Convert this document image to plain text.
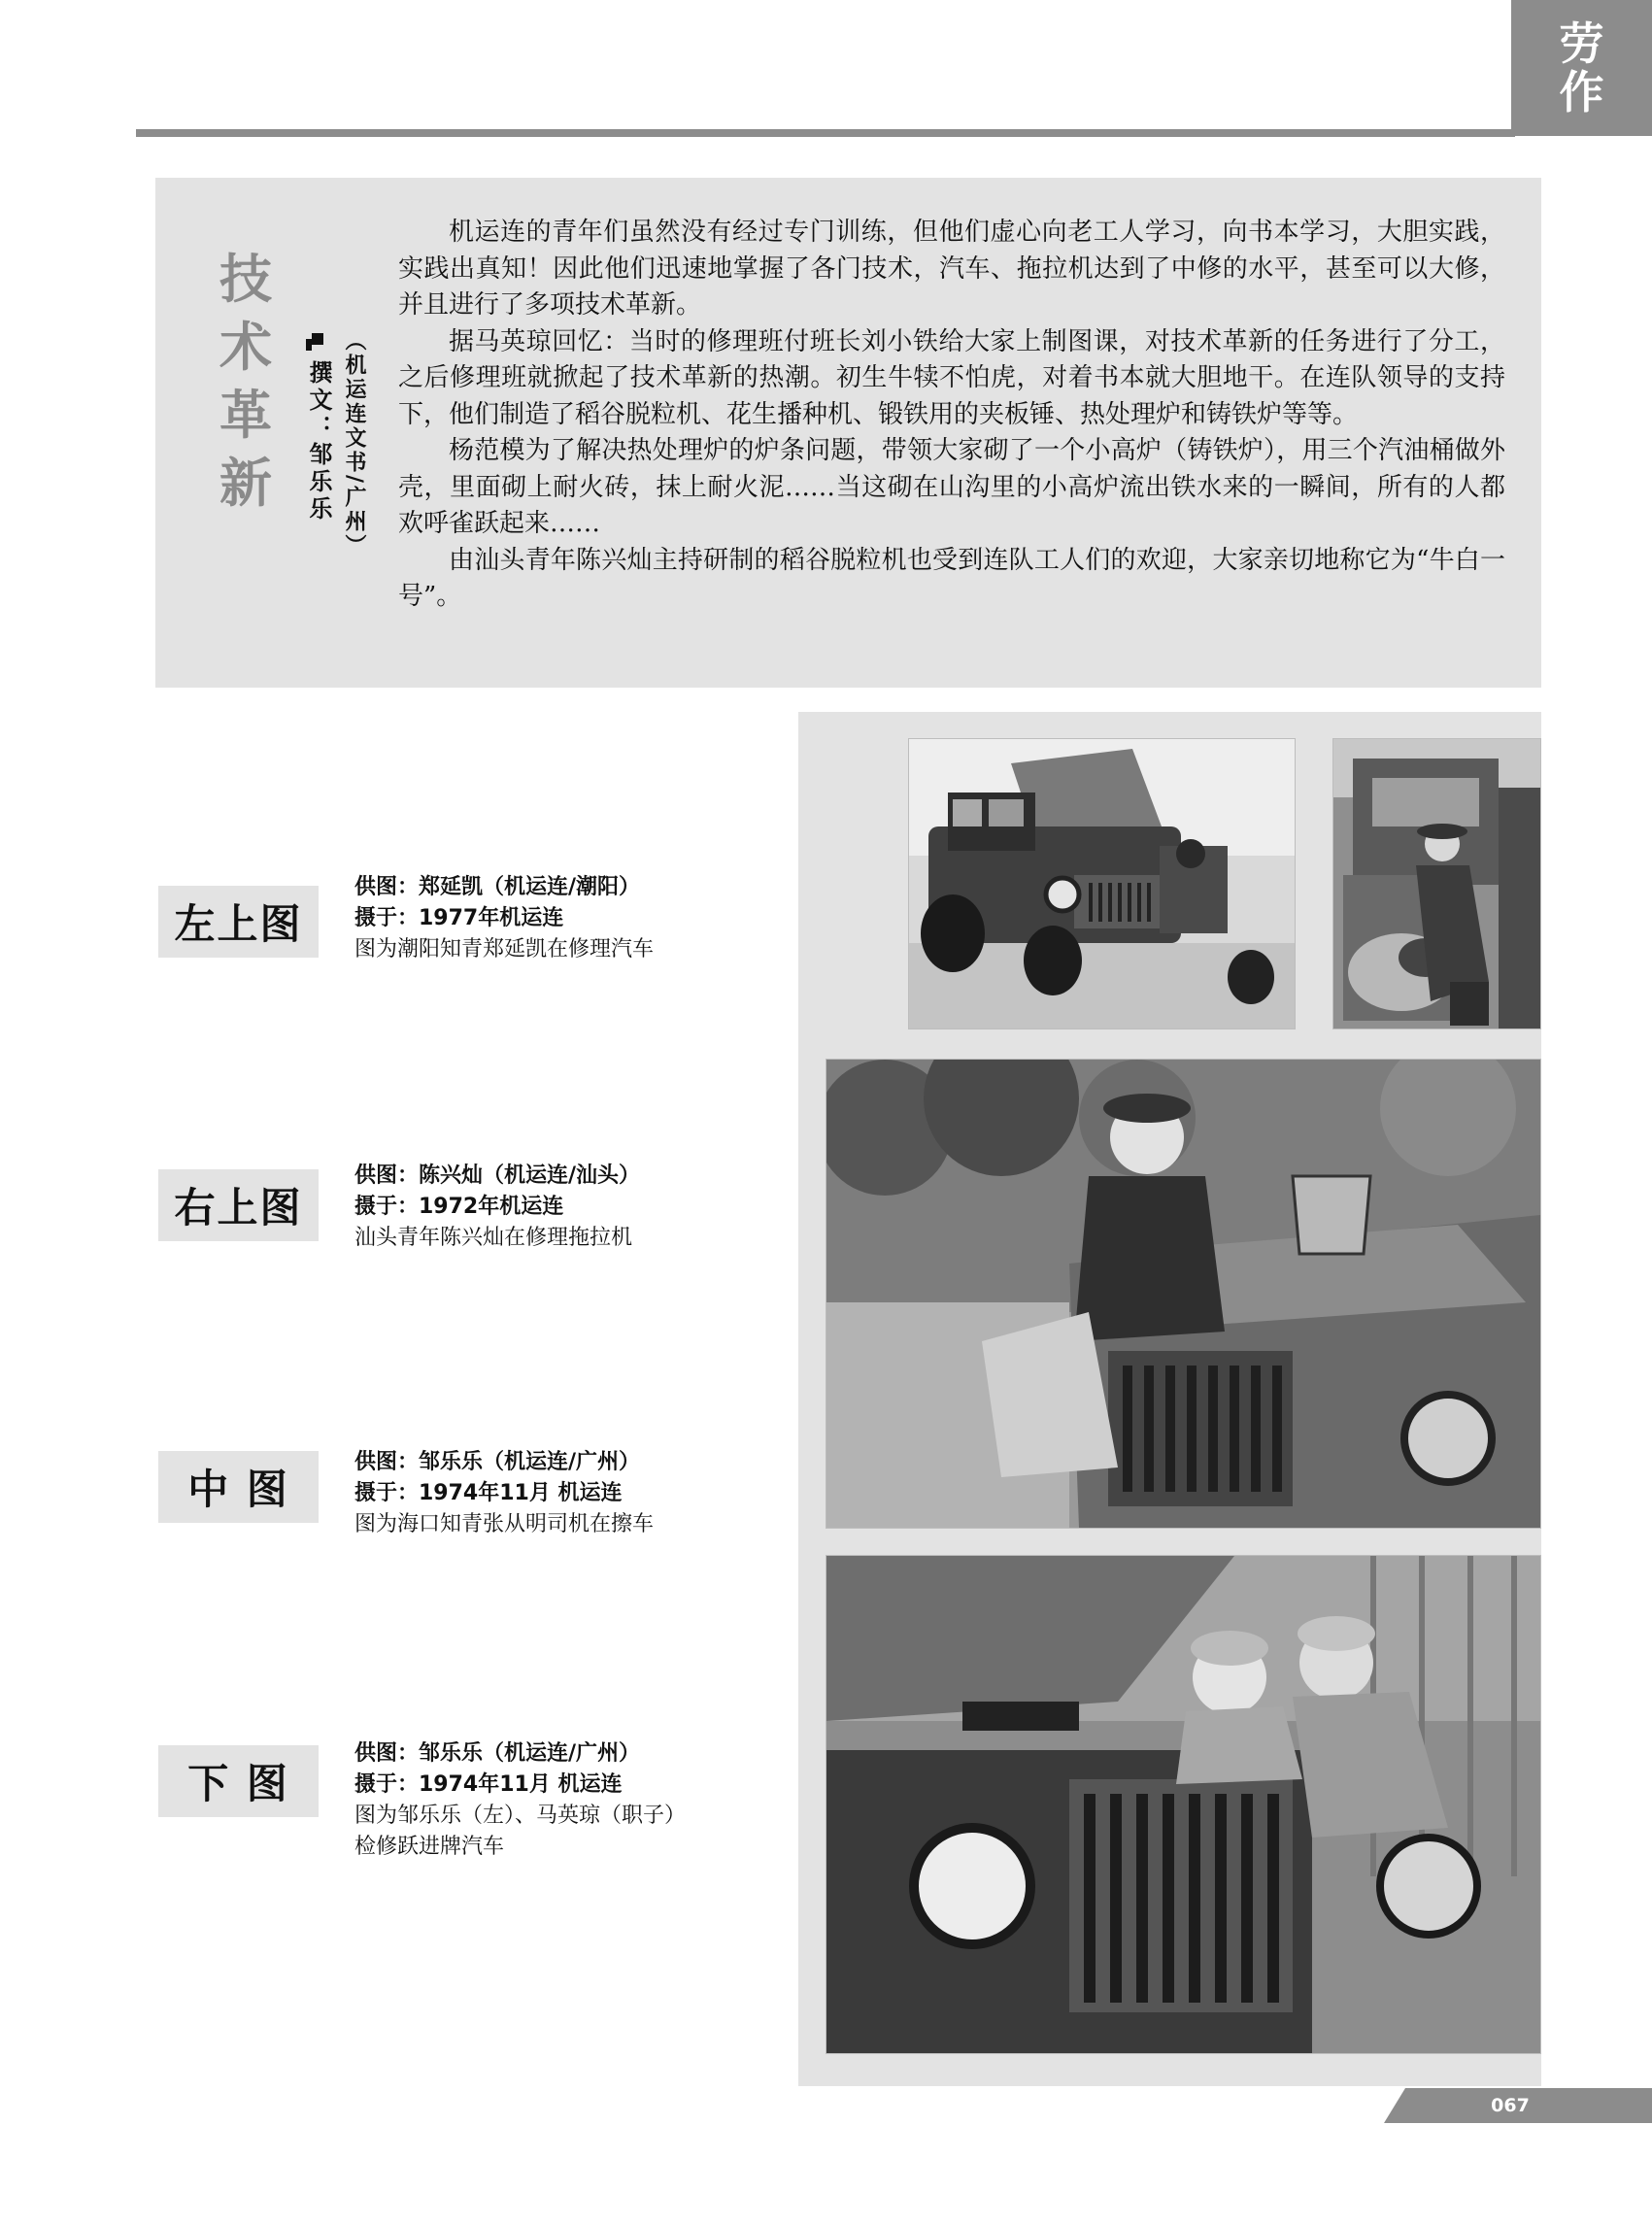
劳
作
技
术
革
新 撰文：邹乐乐 （机运连文书/广州）

机运连的青年们虽然没有经过专门训练，但他们虚心向老工人学习，向书本学习，大胆实践，实践出真知！因此他们迅速地掌握了各门技术，汽车、拖拉机达到了中修的水平，甚至可以大修，并且进行了多项技术革新。

据马英琼回忆：当时的修理班付班长刘小铁给大家上制图课，对技术革新的任务进行了分工，之后修理班就掀起了技术革新的热潮。初生牛犊不怕虎，对着书本就大胆地干。在连队领导的支持下，他们制造了稻谷脱粒机、花生播种机、锻铁用的夹板锤、热处理炉和铸铁炉等等。

杨范模为了解决热处理炉的炉条问题，带领大家砌了一个小高炉（铸铁炉），用三个汽油桶做外壳，里面砌上耐火砖，抹上耐火泥……当这砌在山沟里的小高炉流出铁水来的一瞬间，所有的人都欢呼雀跃起来……

由汕头青年陈兴灿主持研制的稻谷脱粒机也受到连队工人们的欢迎，大家亲切地称它为“牛白一号”。

左上图
供图：郑延凯（机运连/潮阳）
摄于：1977年机运连
图为潮阳知青郑延凯在修理汽车
右上图
供图：陈兴灿（机运连/汕头）
摄于：1972年机运连
汕头青年陈兴灿在修理拖拉机
中 图
供图：邹乐乐（机运连/广州）
摄于：1974年11月 机运连
图为海口知青张从明司机在擦车
下 图
供图：邹乐乐（机运连/广州）
摄于：1974年11月 机运连
图为邹乐乐（左）、马英琼（职子）
检修跃进牌汽车
067
